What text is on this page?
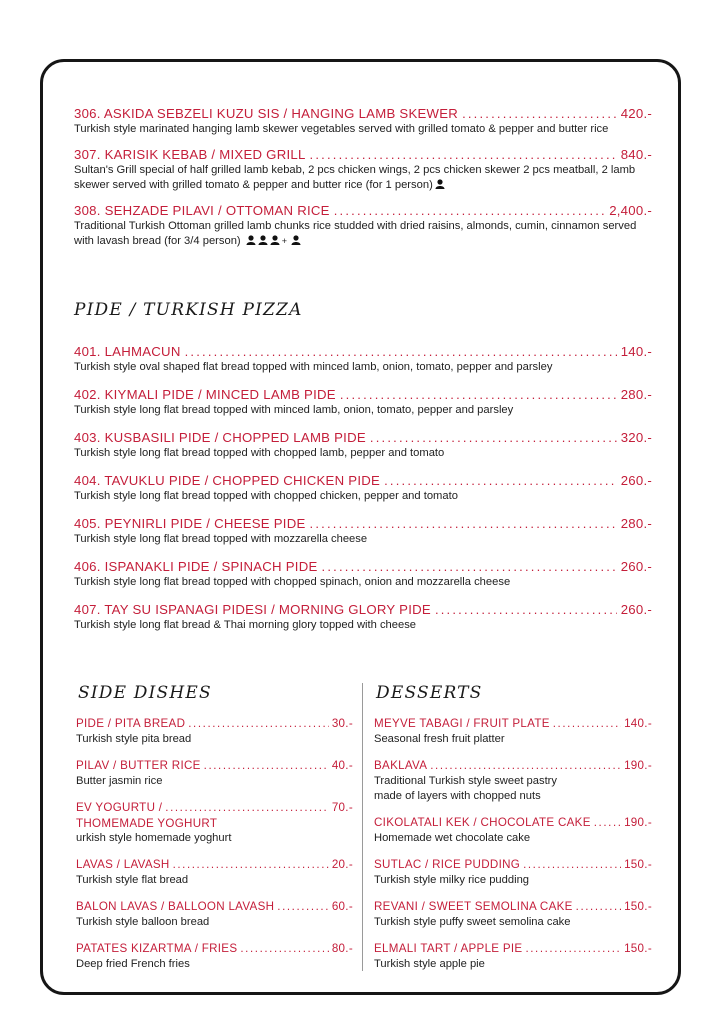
306. ASKIDA SEBZELI KUZU SIS / HANGING LAMB SKEWER .....	420.-
Turkish style marinated hanging lamb skewer vegetables served with grilled tomato & pepper and butter rice
307. KARISIK KEBAB / MIXED GRILL .....	840.-
Sultan's Grill special of half grilled lamb kebab, 2 pcs chicken wings, 2 pcs chicken skewer 2 pcs meatball, 2 lamb skewer served with grilled tomato & pepper and butter rice (for 1 person)
308. SEHZADE PILAVI / OTTOMAN RICE .....	2,400.-
Traditional Turkish Ottoman grilled lamb chunks rice studded with dried raisins, almonds, cumin, cinnamon served with lavash bread (for 3/4 person)	+
PIDE / TURKISH PIZZA
401. LAHMACUN .....	140.-
Turkish style oval shaped flat bread topped with minced lamb, onion, tomato, pepper and parsley
402. KIYMALI PIDE / MINCED LAMB PIDE .....	280.-
Turkish style long flat bread topped with minced lamb, onion, tomato, pepper and parsley
403. KUSBASILI PIDE / CHOPPED LAMB PIDE .....	320.-
Turkish style long flat bread topped with chopped lamb, pepper and tomato
404. TAVUKLU PIDE / CHOPPED CHICKEN PIDE .....	260.-
Turkish style long flat bread topped with chopped chicken, pepper and tomato
405. PEYNIRLI PIDE / CHEESE PIDE .....	280.-
Turkish style long flat bread topped with mozzarella cheese
406. ISPANAKLI PIDE / SPINACH PIDE .....	260.-
Turkish style long flat bread topped with chopped spinach, onion and mozzarella cheese
407. TAY SU ISPANAGI PIDESI / MORNING GLORY PIDE .....	260.-
Turkish style long flat bread & Thai morning glory topped with cheese
SIDE DISHES
PIDE / PITA BREAD .....	30.-
Turkish style pita bread
PILAV / BUTTER RICE .....	40.-
Butter jasmin rice
EV YOGURTU / .....	70.-
THOMEMADE YOGHURT
urkish style homemade yoghurt
LAVAS / LAVASH .....	20.-
Turkish style flat bread
BALON LAVAS / BALLOON LAVASH .....	60.-
Turkish style balloon bread
PATATES KIZARTMA / FRIES .....	80.-
Deep fried French fries
DESSERTS
MEYVE TABAGI / FRUIT PLATE .....	140.-
Seasonal fresh fruit platter
BAKLAVA .....	190.-
Traditional Turkish style sweet pastry
made of layers with chopped nuts
CIKOLATALI KEK / CHOCOLATE CAKE .....	190.-
Homemade wet chocolate cake
SUTLAC / RICE PUDDING .....	150.-
Turkish style milky rice pudding
REVANI / SWEET SEMOLINA CAKE .....	150.-
Turkish style puffy sweet semolina cake
ELMALI TART / APPLE PIE .....	150.-
Turkish style apple pie
